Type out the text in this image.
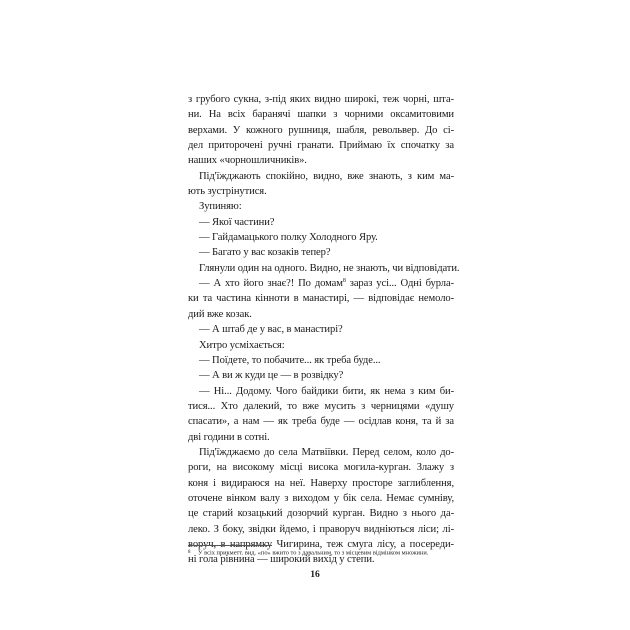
з грубого сукна, з-під яких видно широкі, теж чорні, шта-
ни. На всіх баранячі шапки з чорними оксамитовими
верхами. У кожного рушниця, шабля, револьвер. До сі-
дел приторочені ручні гранати. Приймаю їх спочатку за
наших «чорношличників».
Під'їжджають спокійно, видно, вже знають, з ким ма-
ють зустрінутися.
Зупиняю:
— Якої частини?
— Гайдамацького полку Холодного Яру.
— Багато у вас козаків тепер?
Глянули один на одного. Видно, не знають, чи відповідати.
— А хто його знає?! По домам$^8$ зараз усі... Одні бурла-
ки та частина кінноти в манастирі, — відповідає немоло-
дий вже козак.
— А штаб де у вас, в манастирі?
Хитро усміхається:
— Поїдете, то побачите... як треба буде...
— А ви ж куди це — в розвідку?
— Ні... Додому. Чого байдики бити, як нема з ким би-
тися... Хто далекий, то вже мусить з черницями «душу
спасати», а нам — як треба буде — осідлав коня, та й за
дві години в сотні.
Під'їжджаємо до села Матвіївки. Перед селом, коло до-
роги, на високому місці висока могила-курган. Злажу з
коня і видираюся на неї. Наверху просторе заглиблення,
оточене вінком валу з виходом у бік села. Немає сумніву,
це старий козацький дозорчий курган. Видно з нього да-
леко. З боку, звідки йдемо, і праворуч видніються ліси; лі-
воруч, в напрямку Чигирина, теж смуга лісу, а посереди-
ні гола рівнина — широкий вихід у степи.
8 У всіх прикметт. вид. «по» вжито то з давальним, то з місцевим відмінком множини.
16
